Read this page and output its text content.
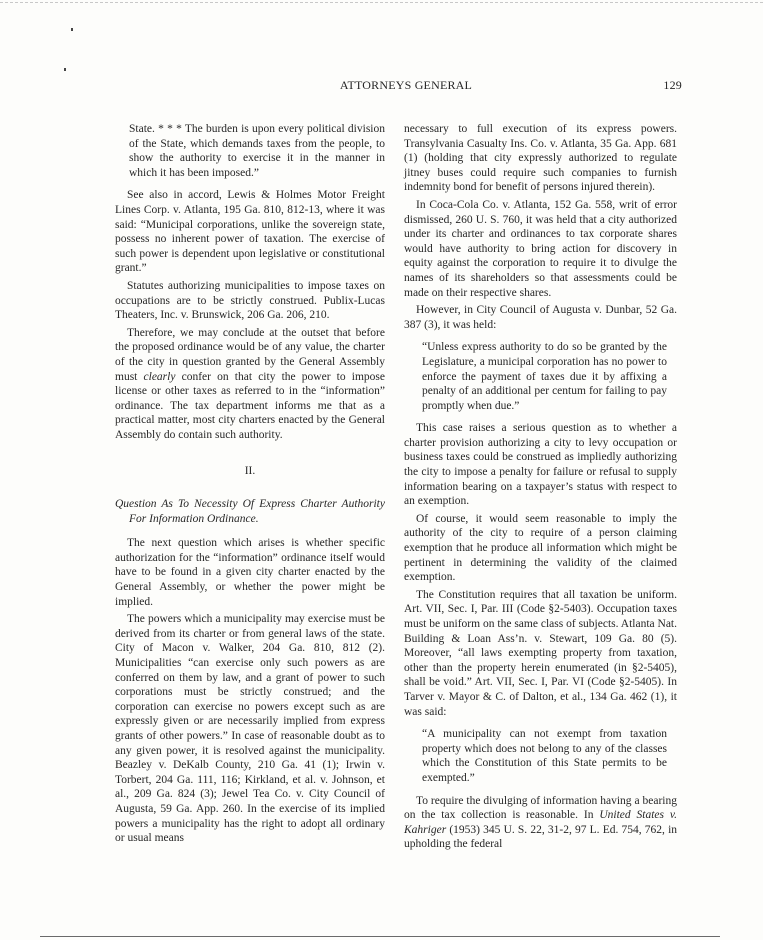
ATTORNEYS GENERAL	129

State. * * * The burden is upon every political division of the State, which demands taxes from the people, to show the authority to exercise it in the manner in which it has been imposed.”

See also in accord, Lewis & Holmes Motor Freight Lines Corp. v. Atlanta, 195 Ga. 810, 812-13, where it was said: “Municipal corporations, unlike the sovereign state, possess no inherent power of taxation. The exercise of such power is dependent upon legislative or constitutional grant.”

Statutes authorizing municipalities to impose taxes on occupations are to be strictly construed. Publix-Lucas Theaters, Inc. v. Brunswick, 206 Ga. 206, 210.

Therefore, we may conclude at the outset that before the proposed ordinance would be of any value, the charter of the city in question granted by the General Assembly must clearly confer on that city the power to impose license or other taxes as referred to in the “information” ordinance. The tax department informs me that as a practical matter, most city charters enacted by the General Assembly do contain such authority.

II.

Question As To Necessity Of Express Charter Authority For Information Ordinance.

The next question which arises is whether specific authorization for the “information” ordinance itself would have to be found in a given city charter enacted by the General Assembly, or whether the power might be implied.

The powers which a municipality may exercise must be derived from its charter or from general laws of the state. City of Macon v. Walker, 204 Ga. 810, 812 (2). Municipalities “can exercise only such powers as are conferred on them by law, and a grant of power to such corporations must be strictly construed; and the corporation can exercise no powers except such as are expressly given or are necessarily implied from express grants of other powers.” In case of reasonable doubt as to any given power, it is resolved against the municipality. Beazley v. DeKalb County, 210 Ga. 41 (1); Irwin v. Torbert, 204 Ga. 111, 116; Kirkland, et al. v. Johnson, et al., 209 Ga. 824 (3); Jewel Tea Co. v. City Council of Augusta, 59 Ga. App. 260. In the exercise of its implied powers a municipality has the right to adopt all ordinary or usual means

necessary to full execution of its express powers. Transylvania Casualty Ins. Co. v. Atlanta, 35 Ga. App. 681 (1) (holding that city expressly authorized to regulate jitney buses could require such companies to furnish indemnity bond for benefit of persons injured therein).

In Coca-Cola Co. v. Atlanta, 152 Ga. 558, writ of error dismissed, 260 U. S. 760, it was held that a city authorized under its charter and ordinances to tax corporate shares would have authority to bring action for discovery in equity against the corporation to require it to divulge the names of its shareholders so that assessments could be made on their respective shares.

However, in City Council of Augusta v. Dunbar, 52 Ga. 387 (3), it was held:

“Unless express authority to do so be granted by the Legislature, a municipal corporation has no power to enforce the payment of taxes due it by affixing a penalty of an additional per centum for failing to pay promptly when due.”

This case raises a serious question as to whether a charter provision authorizing a city to levy occupation or business taxes could be construed as impliedly authorizing the city to impose a penalty for failure or refusal to supply information bearing on a taxpayer’s status with respect to an exemption.

Of course, it would seem reasonable to imply the authority of the city to require of a person claiming exemption that he produce all information which might be pertinent in determining the validity of the claimed exemption.

The Constitution requires that all taxation be uniform. Art. VII, Sec. I, Par. III (Code §2-5403). Occupation taxes must be uniform on the same class of subjects. Atlanta Nat. Building & Loan Ass’n. v. Stewart, 109 Ga. 80 (5). Moreover, “all laws exempting property from taxation, other than the property herein enumerated (in §2-5405), shall be void.” Art. VII, Sec. I, Par. VI (Code §2-5405). In Tarver v. Mayor & C. of Dalton, et al., 134 Ga. 462 (1), it was said:

“A municipality can not exempt from taxation property which does not belong to any of the classes which the Constitution of this State permits to be exempted.”

To require the divulging of information having a bearing on the tax collection is reasonable. In United States v. Kahriger (1953) 345 U. S. 22, 31-2, 97 L. Ed. 754, 762, in upholding the federal
